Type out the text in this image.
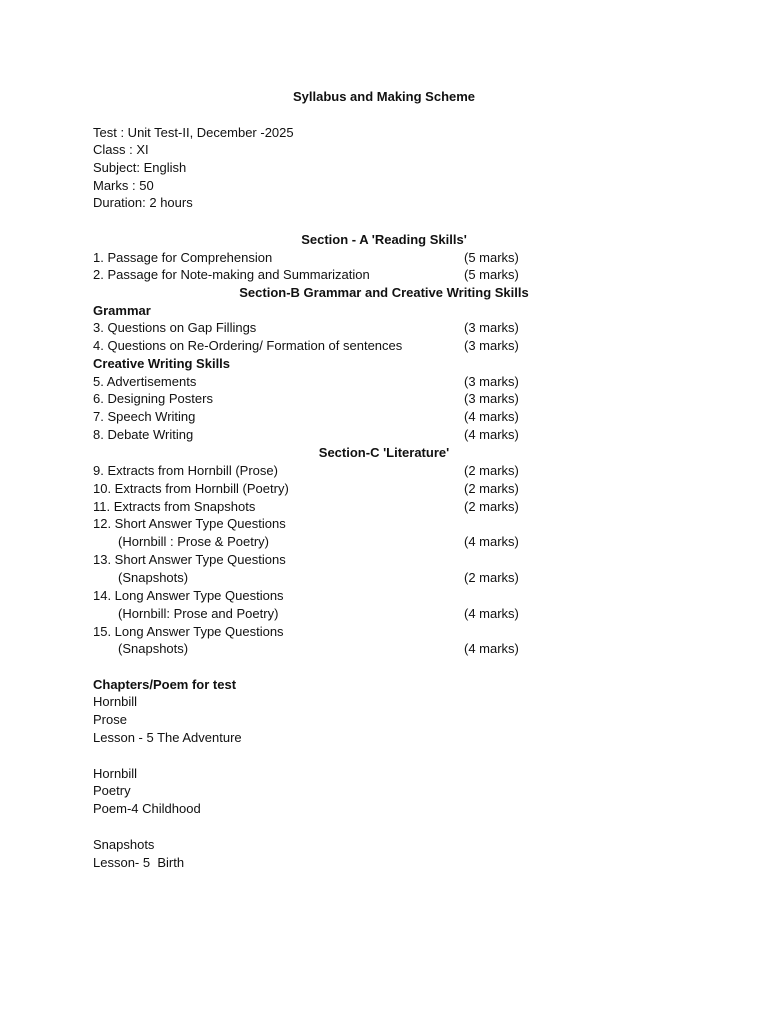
Syllabus and Making Scheme
Test : Unit Test-II, December -2025
Class : XI
Subject: English
Marks : 50
Duration: 2 hours
Section - A 'Reading Skills'
1. Passage for Comprehension	(5 marks)
2. Passage for Note-making and Summarization	(5 marks)
Section-B Grammar and Creative Writing Skills
Grammar
3. Questions on Gap Fillings	(3 marks)
4. Questions on Re-Ordering/ Formation of sentences	(3 marks)
Creative Writing Skills
5. Advertisements	(3 marks)
6. Designing Posters	(3 marks)
7. Speech Writing	(4 marks)
8. Debate Writing	(4 marks)
Section-C 'Literature'
9. Extracts from Hornbill (Prose)	(2 marks)
10. Extracts from Hornbill (Poetry)	(2 marks)
11. Extracts from Snapshots	(2 marks)
12. Short Answer Type Questions
(Hornbill : Prose & Poetry)	(4 marks)
13. Short Answer Type Questions
(Snapshots)	(2 marks)
14. Long Answer Type Questions
(Hornbill: Prose and Poetry)	(4 marks)
15. Long Answer Type Questions
(Snapshots)	(4 marks)
Chapters/Poem for test
Hornbill
Prose
Lesson - 5 The Adventure
Hornbill
Poetry
Poem-4 Childhood
Snapshots
Lesson- 5  Birth
